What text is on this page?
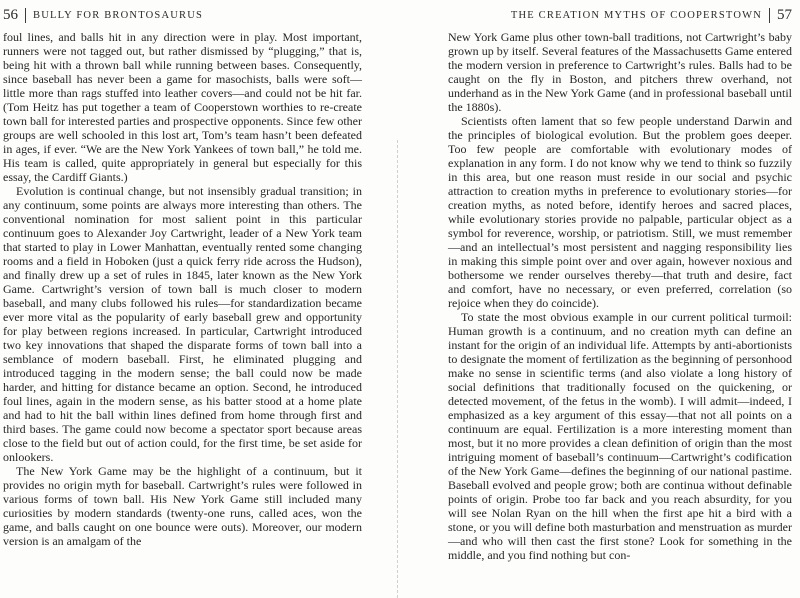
56 BULLY FOR BRONTOSAURUS

foul lines, and balls hit in any direction were in play. Most important, runners were not tagged out, but rather dismissed by “plugging,” that is, being hit with a thrown ball while running between bases. Consequently, since baseball has never been a game for masochists, balls were soft—little more than rags stuffed into leather covers—and could not be hit far. (Tom Heitz has put together a team of Cooperstown worthies to re-create town ball for interested parties and prospective opponents. Since few other groups are well schooled in this lost art, Tom’s team hasn’t been defeated in ages, if ever. “We are the New York Yankees of town ball,” he told me. His team is called, quite appropriately in general but especially for this essay, the Cardiff Giants.)

Evolution is continual change, but not insensibly gradual transition; in any continuum, some points are always more interesting than others. The conventional nomination for most salient point in this particular continuum goes to Alexander Joy Cartwright, leader of a New York team that started to play in Lower Manhattan, eventually rented some changing rooms and a field in Hoboken (just a quick ferry ride across the Hudson), and finally drew up a set of rules in 1845, later known as the New York Game. Cartwright’s version of town ball is much closer to modern baseball, and many clubs followed his rules—for standardization became ever more vital as the popularity of early baseball grew and opportunity for play between regions increased. In particular, Cartwright introduced two key innovations that shaped the disparate forms of town ball into a semblance of modern baseball. First, he eliminated plugging and introduced tagging in the modern sense; the ball could now be made harder, and hitting for distance became an option. Second, he introduced foul lines, again in the modern sense, as his batter stood at a home plate and had to hit the ball within lines defined from home through first and third bases. The game could now become a spectator sport because areas close to the field but out of action could, for the first time, be set aside for onlookers.

The New York Game may be the highlight of a continuum, but it provides no origin myth for baseball. Cartwright’s rules were followed in various forms of town ball. His New York Game still included many curiosities by modern standards (twenty-one runs, called aces, won the game, and balls caught on one bounce were outs). Moreover, our modern version is an amalgam of the

THE CREATION MYTHS OF COOPERSTOWN 57

New York Game plus other town-ball traditions, not Cartwright’s baby grown up by itself. Several features of the Massachusetts Game entered the modern version in preference to Cartwright’s rules. Balls had to be caught on the fly in Boston, and pitchers threw overhand, not underhand as in the New York Game (and in professional baseball until the 1880s).

Scientists often lament that so few people understand Darwin and the principles of biological evolution. But the problem goes deeper. Too few people are comfortable with evolutionary modes of explanation in any form. I do not know why we tend to think so fuzzily in this area, but one reason must reside in our social and psychic attraction to creation myths in preference to evolutionary stories—for creation myths, as noted before, identify heroes and sacred places, while evolutionary stories provide no palpable, particular object as a symbol for reverence, worship, or patriotism. Still, we must remember—and an intellectual’s most persistent and nagging responsibility lies in making this simple point over and over again, however noxious and bothersome we render ourselves thereby—that truth and desire, fact and comfort, have no necessary, or even preferred, correlation (so rejoice when they do coincide).

To state the most obvious example in our current political turmoil: Human growth is a continuum, and no creation myth can define an instant for the origin of an individual life. Attempts by anti-abortionists to designate the moment of fertilization as the beginning of personhood make no sense in scientific terms (and also violate a long history of social definitions that traditionally focused on the quickening, or detected movement, of the fetus in the womb). I will admit—indeed, I emphasized as a key argument of this essay—that not all points on a continuum are equal. Fertilization is a more interesting moment than most, but it no more provides a clean definition of origin than the most intriguing moment of baseball’s continuum—Cartwright’s codification of the New York Game—defines the beginning of our national pastime. Baseball evolved and people grow; both are continua without definable points of origin. Probe too far back and you reach absurdity, for you will see Nolan Ryan on the hill when the first ape hit a bird with a stone, or you will define both masturbation and menstruation as murder—and who will then cast the first stone? Look for something in the middle, and you find nothing but con-
